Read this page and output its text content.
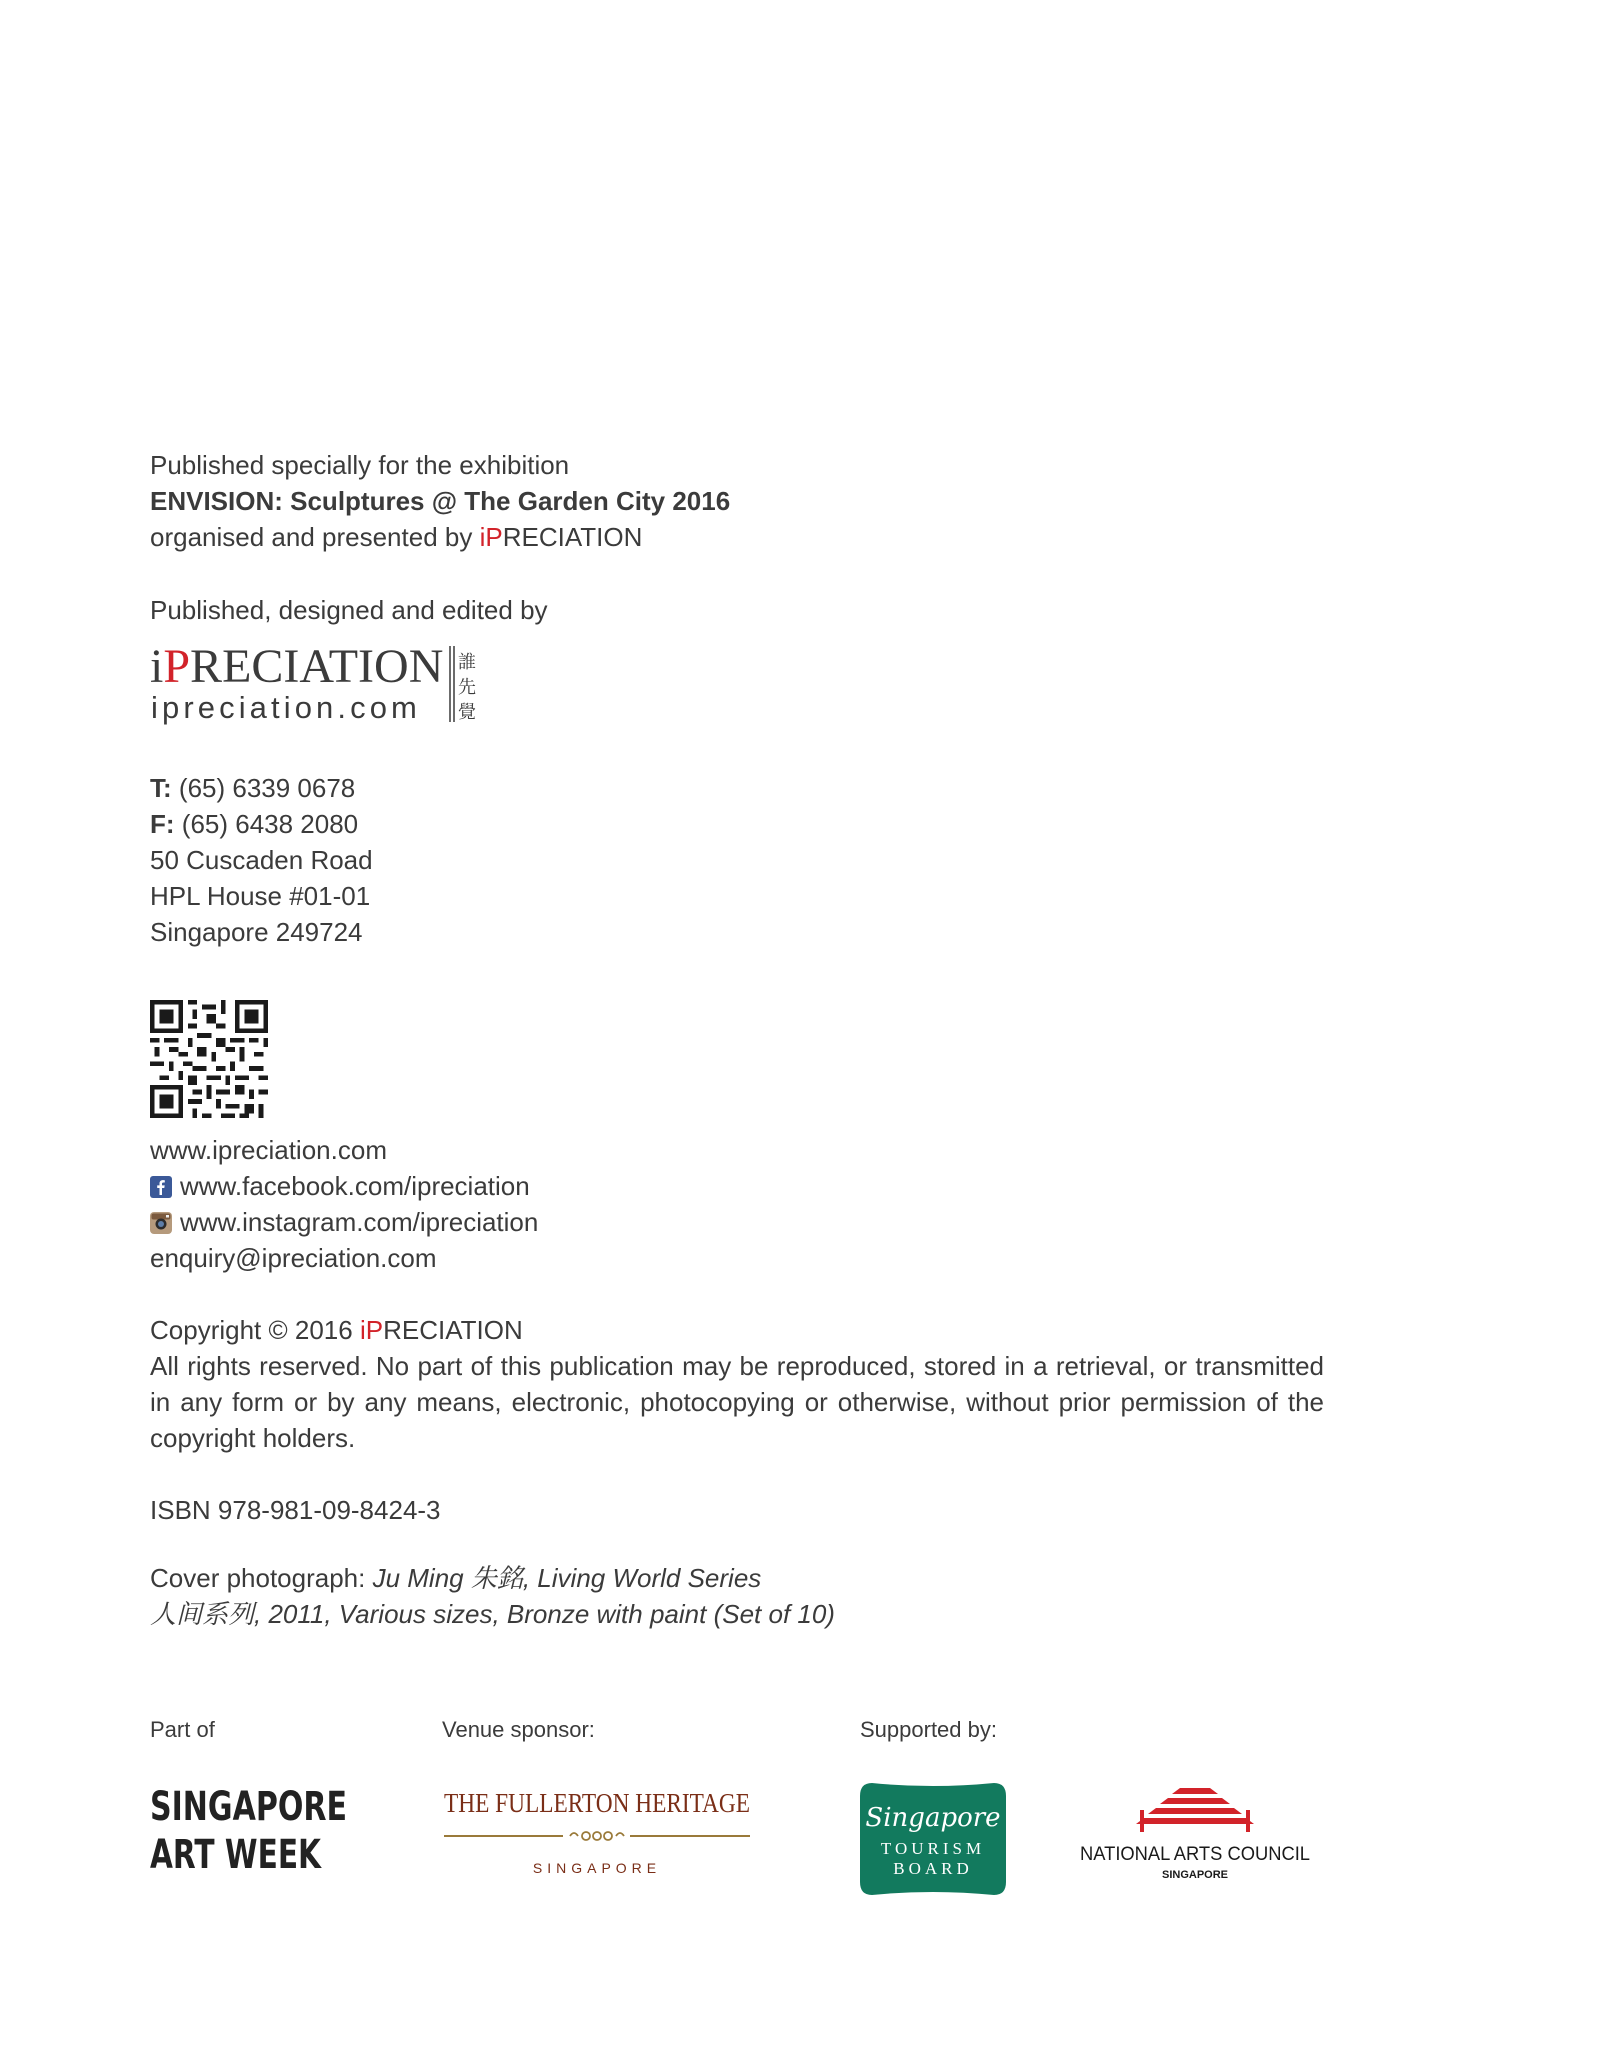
Published specially for the exhibition
ENVISION: Sculptures @ The Garden City 2016
organised and presented by iPRECIATION
Published, designed and edited by
iPRECIATION
ipreciation.com
誰
先
覺
T: (65) 6339 0678
F: (65) 6438 2080
50 Cuscaden Road
HPL House #01-01
Singapore 249724
www.ipreciation.com
www.facebook.com/ipreciation
www.instagram.com/ipreciation
enquiry@ipreciation.com
Copyright © 2016 iPRECIATION
All rights reserved. No part of this publication may be reproduced, stored in a retrieval, or transmitted in any form or by any means, electronic, photocopying or otherwise, without prior permission of the copyright holders.
ISBN 978-981-09-8424-3
Cover photograph: Ju Ming 朱銘, Living World Series
人间系列, 2011, Various sizes, Bronze with paint (Set of 10)
Part of	Venue sponsor:	Supported by:
SINGAPORE
ART WEEK
THE FULLERTON HERITAGE
SINGAPORE
Singapore
TOURISM
BOARD
NATIONAL ARTS COUNCIL
SINGAPORE
